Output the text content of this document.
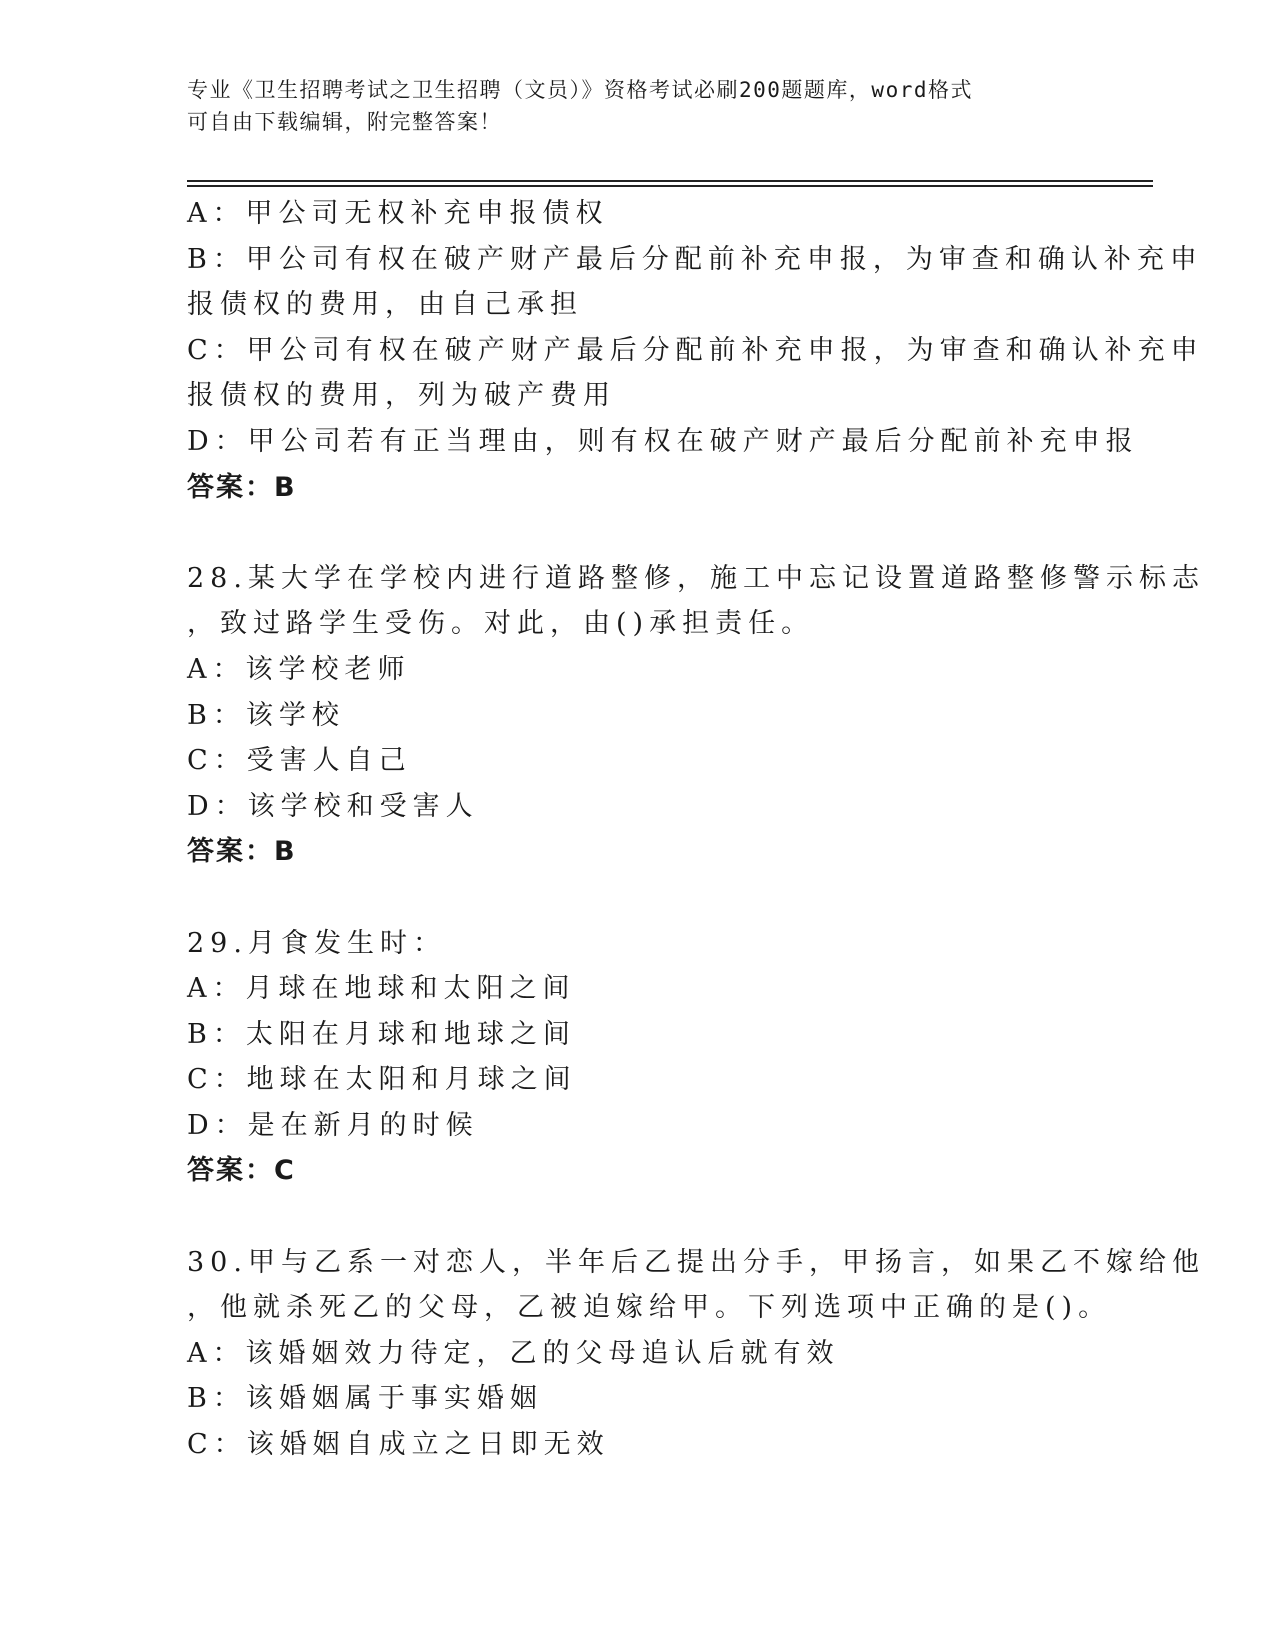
专业《卫生招聘考试之卫生招聘（文员）》资格考试必刷200题题库，word格式
可自由下载编辑，附完整答案！
A：甲公司无权补充申报债权
B：甲公司有权在破产财产最后分配前补充申报，为审查和确认补充申
报债权的费用，由自己承担
C：甲公司有权在破产财产最后分配前补充申报，为审查和确认补充申
报债权的费用，列为破产费用
D：甲公司若有正当理由，则有权在破产财产最后分配前补充申报
答案：B
28.某大学在学校内进行道路整修，施工中忘记设置道路整修警示标志
，致过路学生受伤。对此，由()承担责任。
A：该学校老师
B：该学校
C：受害人自己
D：该学校和受害人
答案：B
29.月食发生时：
A：月球在地球和太阳之间
B：太阳在月球和地球之间
C：地球在太阳和月球之间
D：是在新月的时候
答案：C
30.甲与乙系一对恋人，半年后乙提出分手，甲扬言，如果乙不嫁给他
，他就杀死乙的父母，乙被迫嫁给甲。下列选项中正确的是()。
A：该婚姻效力待定，乙的父母追认后就有效
B：该婚姻属于事实婚姻
C：该婚姻自成立之日即无效
